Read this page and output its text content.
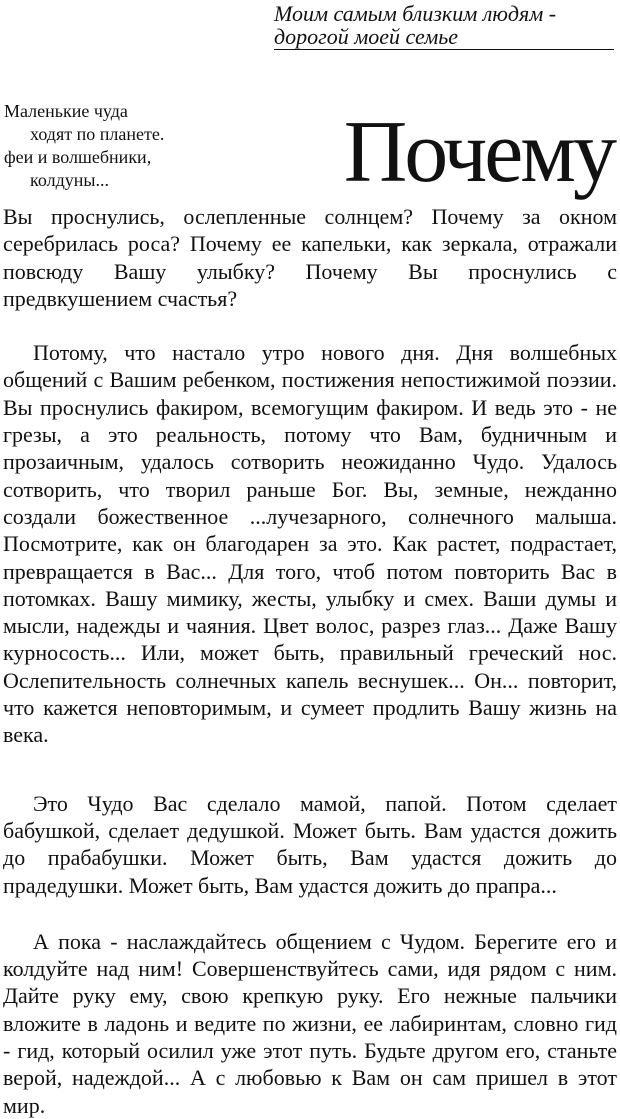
Моим самым близким людям -
дорогой моей семье
Маленькие чуда
ходят по планете.
феи и волшебники,
колдуны...	Почему

Вы проснулись, ослепленные солнцем? Почему за окном серебрилась роса? Почему ее капельки, как зеркала, отражали повсюду Вашу улыбку? Почему Вы проснулись с предвкушением счастья?

Потому, что настало утро нового дня. Дня волшебных общений с Вашим ребенком, постижения непостижимой поэзии. Вы проснулись факиром, всемогущим факиром. И ведь это - не грезы, а это реальность, потому что Вам, будничным и прозаичным, удалось сотворить неожиданно Чудо. Удалось сотворить, что творил раньше Бог. Вы, земные, нежданно создали божественное ...лучезарного, солнечного малыша. Посмотрите, как он благодарен за это. Как растет, подрастает, превращается в Вас... Для того, чтоб потом повторить Вас в потомках. Вашу мимику, жесты, улыбку и смех. Ваши думы и мысли, надежды и чаяния. Цвет волос, разрез глаз... Даже Вашу курносость... Или, может быть, правильный греческий нос. Ослепительность солнечных капель веснушек... Он... повторит, что кажется неповторимым, и сумеет продлить Вашу жизнь на века.

Это Чудо Вас сделало мамой, папой. Потом сделает бабушкой, сделает дедушкой. Может быть. Вам удастся дожить до прабабушки. Может быть, Вам удастся дожить до прадедушки. Может быть, Вам удастся дожить до прапра...

А пока - наслаждайтесь общением с Чудом. Берегите его и колдуйте над ним! Совершенствуйтесь сами, идя рядом с ним. Дайте руку ему, свою крепкую руку. Его нежные пальчики вложите в ладонь и ведите по жизни, ее лабиринтам, словно гид - гид, который осилил уже этот путь. Будьте другом его, станьте верой, надеждой... А с любовью к Вам он сам пришел в этот мир.
